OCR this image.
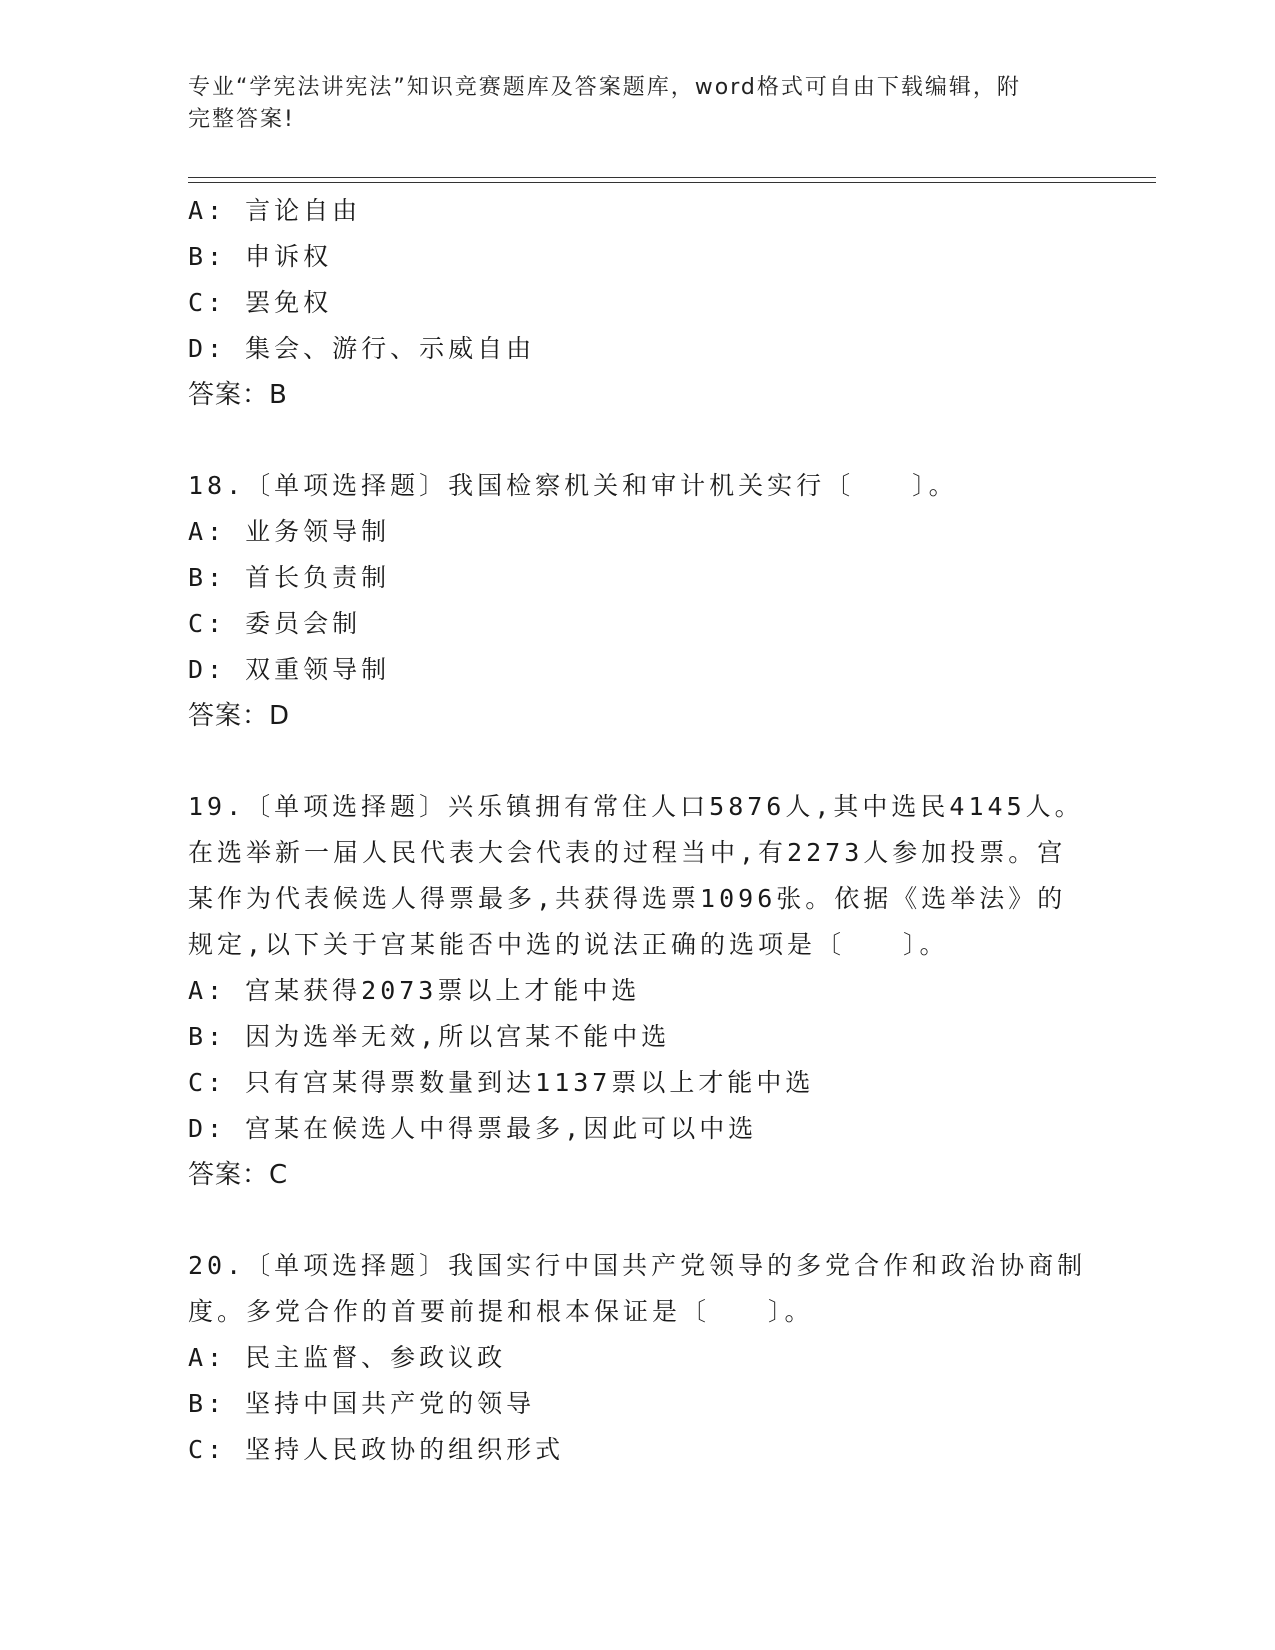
专业“学宪法讲宪法”知识竞赛题库及答案题库，word格式可自由下载编辑，附
完整答案!
A: 言论自由
B: 申诉权
C: 罢免权
D: 集会、游行、示威自由
答案：B
18.〔单项选择题〕我国检察机关和审计机关实行〔　　〕。
A: 业务领导制
B: 首长负责制
C: 委员会制
D: 双重领导制
答案：D
19.〔单项选择题〕兴乐镇拥有常住人口5876人,其中选民4145人。
在选举新一届人民代表大会代表的过程当中,有2273人参加投票。宫
某作为代表候选人得票最多,共获得选票1096张。依据《选举法》的
规定,以下关于宫某能否中选的说法正确的选项是〔　　〕。
A: 宫某获得2073票以上才能中选
B: 因为选举无效,所以宫某不能中选
C: 只有宫某得票数量到达1137票以上才能中选
D: 宫某在候选人中得票最多,因此可以中选
答案：C
20.〔单项选择题〕我国实行中国共产党领导的多党合作和政治协商制
度。多党合作的首要前提和根本保证是〔　　〕。
A: 民主监督、参政议政
B: 坚持中国共产党的领导
C: 坚持人民政协的组织形式
